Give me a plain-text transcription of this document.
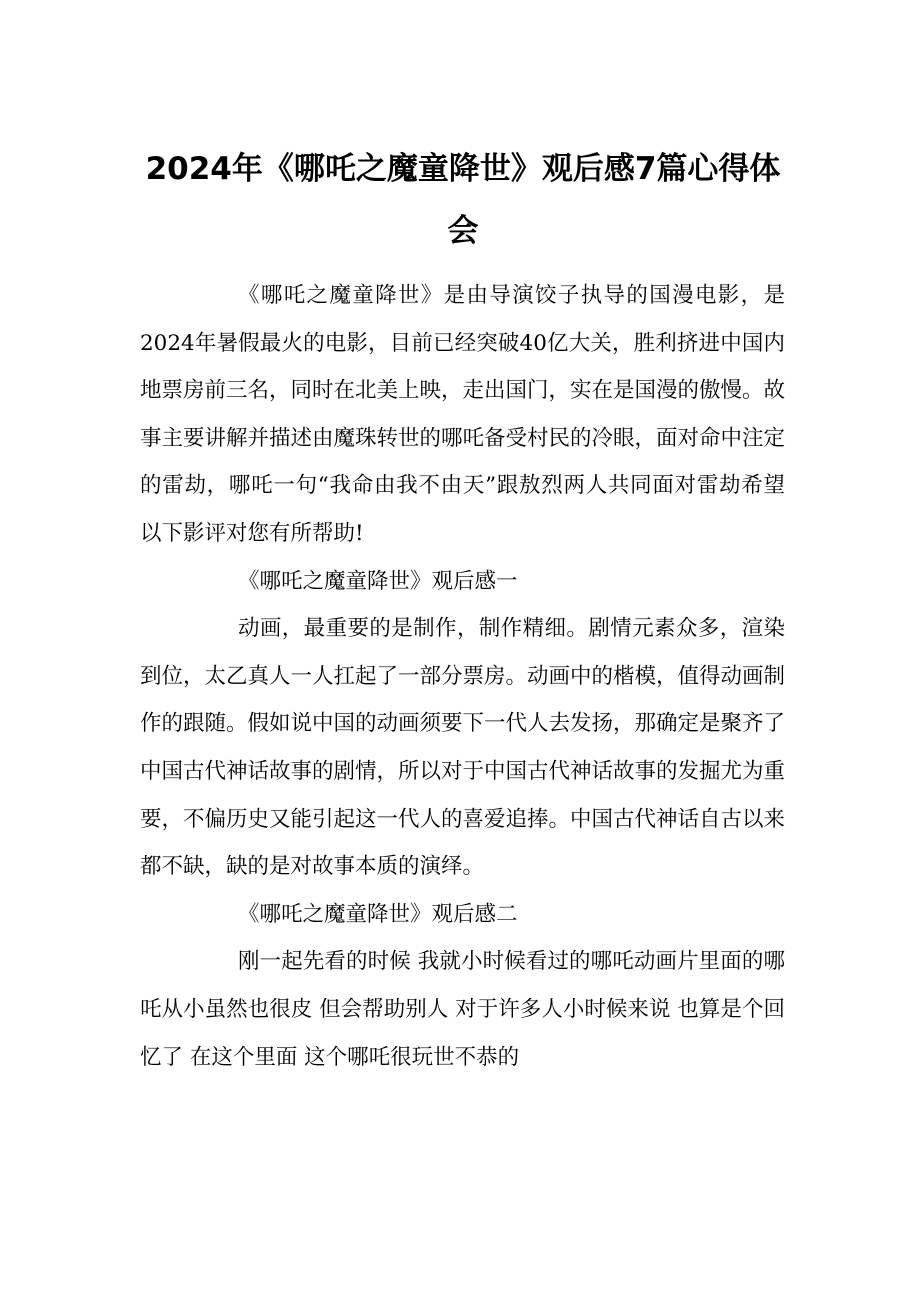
2024年《哪吒之魔童降世》观后感7篇心得体会

《哪吒之魔童降世》是由导演饺子执导的国漫电影，是2024年暑假最火的电影，目前已经突破40亿大关，胜利挤进中国内地票房前三名，同时在北美上映，走出国门，实在是国漫的傲慢。故事主要讲解并描述由魔珠转世的哪吒备受村民的冷眼，面对命中注定的雷劫，哪吒一句“我命由我不由天”跟敖烈两人共同面对雷劫希望以下影评对您有所帮助!

《哪吒之魔童降世》观后感一

动画，最重要的是制作，制作精细。剧情元素众多，渲染到位，太乙真人一人扛起了一部分票房。动画中的楷模，值得动画制作的跟随。假如说中国的动画须要下一代人去发扬，那确定是聚齐了中国古代神话故事的剧情，所以对于中国古代神话故事的发掘尤为重要，不偏历史又能引起这一代人的喜爱追捧。中国古代神话自古以来都不缺，缺的是对故事本质的演绎。

《哪吒之魔童降世》观后感二

刚一起先看的时候 我就小时候看过的哪吒动画片里面的哪吒从小虽然也很皮 但会帮助别人 对于许多人小时候来说 也算是个回忆了 在这个里面 这个哪吒很玩世不恭的
